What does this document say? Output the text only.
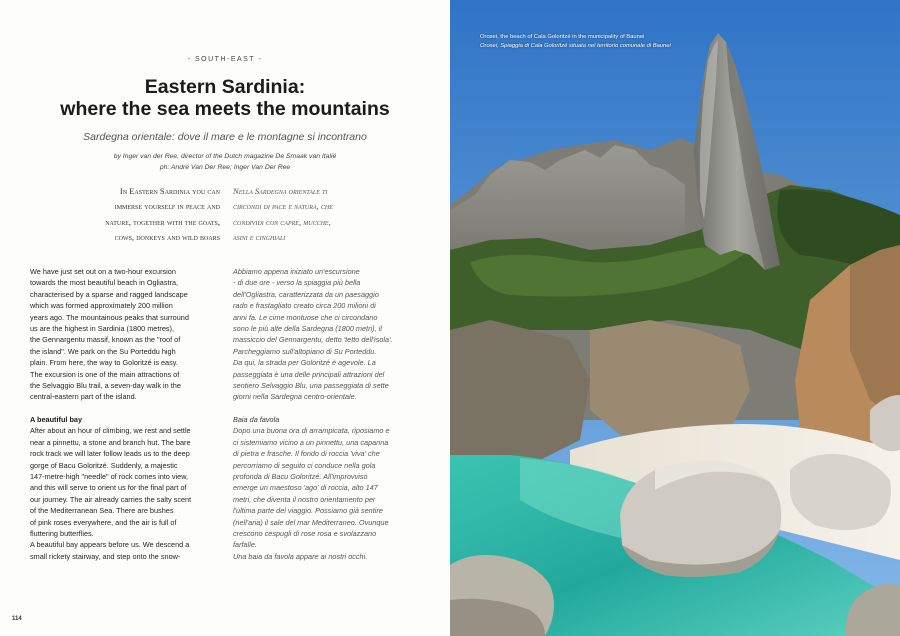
- SOUTH-EAST -
Eastern Sardinia:
where the sea meets the mountains
Sardegna orientale: dove il mare e le montagne si incontrano
by Inger van der Ree, director of the Dutch magazine De Smaak van Italië
ph: André Van Der Ree; Inger Van Der Ree
In Eastern Sardinia you can
immerse yourself in peace and
nature, together with the goats,
cows, donkeys and wild boars
Nella Sardegna orientale ti
circondi di pace e natura, che
condividi con capre, mucche,
asini e cinghiali

We have just set out on a two-hour excursion

towards the most beautiful beach in Ogliastra,

characterised by a sparse and ragged landscape

which was formed approximately 200 million

years ago. The mountainous peaks that surround

us are the highest in Sardinia (1800 metres),

the Gennargentu massif, known as the "roof of

the island". We park on the Su Porteddu high

plain. From here, the way to Goloritzé is easy.

The excursion is one of the main attractions of

the Selvaggio Blu trail, a seven-day walk in the

central-eastern part of the island.

A beautiful bay

After about an hour of climbing, we rest and settle

near a pinnettu, a stone and branch hut. The bare

rock track we will later follow leads us to the deep

gorge of Bacu Goloritzé. Suddenly, a majestic

147-metre-high "needle" of rock comes into view,

and this will serve to orient us for the final part of

our journey. The air already carries the salty scent

of the Mediterranean Sea. There are bushes

of pink roses everywhere, and the air is full of

fluttering butterflies.

A beautiful bay appears before us. We descend a

small rickety stairway, and step onto the snow-

Abbiamo appena iniziato un'escursione

- di due ore - verso la spiaggia più bella

dell'Ogliastra, caratterizzata da un paesaggio

rado e frastagliato creato circa 200 milioni di

anni fa. Le cime montuose che ci circondano

sono le più alte della Sardegna (1800 metri), il

massiccio del Gennargentu, detto 'tetto dell'isola'.

Parcheggiamo sull'altopiano di Su Porteddu.

Da qui, la strada per Goloritzé è agevole. La

passeggiata è una delle principali attrazioni del

sentiero Selvaggio Blu, una passeggiata di sette

giorni nella Sardegna centro-orientale.

Baia da favola

Dopo una buona ora di arrampicata, riposiamo e

ci sistemiamo vicino a un pinnettu, una capanna

di pietra e frasche. Il fondo di roccia 'viva' che

percorriamo di seguito ci conduce nella gola

profonda di Bacu Goloritzé. All'improvviso

emerge un maestoso 'ago' di roccia, alto 147

metri, che diventa il nostro orientamento per

l'ultima parte del viaggio. Possiamo già sentire

(nell'aria) il sale del mar Mediterraneo. Ovunque

crescono cespugli di rose rosa e svolazzano

farfalle.

Una baia da favola appare ai nostri occhi.

114
Orosei, the beach of Cala Goloritzé in the municipality of Baunei
Orosei, Spiaggia di Cala Goloritzé situata nel territorio comunale di Baunei
